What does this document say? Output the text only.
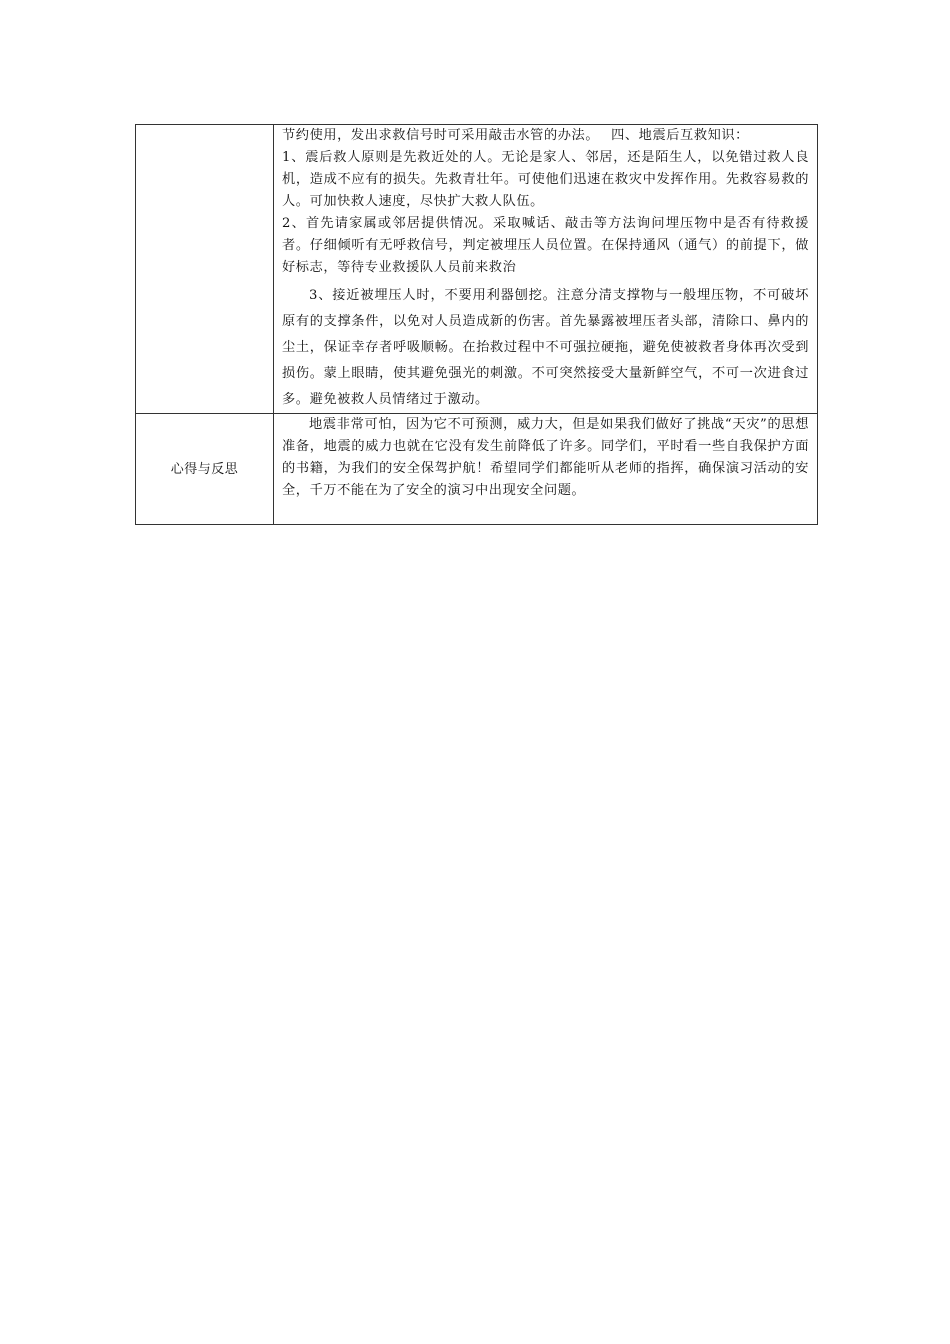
	节约使用，发出求救信号时可采用敲击水管的办法。　 四、地震后互救知识：

1、震后救人原则是先救近处的人。无论是家人、邻居，还是陌生人，以免错过救人良机，造成不应有的损失。先救青壮年。可使他们迅速在救灾中发挥作用。先救容易救的人。可加快救人速度，尽快扩大救人队伍。

2、首先请家属或邻居提供情况。采取喊话、敲击等方法询问埋压物中是否有待救援者。仔细倾听有无呼救信号，判定被埋压人员位置。在保持通风（通气）的前提下，做好标志，等待专业救援队人员前来救治

3、接近被埋压人时，不要用利器刨挖。注意分清支撑物与一般埋压物，不可破坏原有的支撑条件，以免对人员造成新的伤害。首先暴露被埋压者头部，清除口、鼻内的尘土，保证幸存者呼吸顺畅。在抬救过程中不可强拉硬拖，避免使被救者身体再次受到损伤。蒙上眼睛，使其避免强光的刺激。不可突然接受大量新鲜空气，不可一次进食过多。避免被救人员情绪过于激动。

心得与反思	地震非常可怕，因为它不可预测，威力大，但是如果我们做好了挑战“天灾”的思想准备，地震的威力也就在它没有发生前降低了许多。同学们，平时看一些自我保护方面的书籍，为我们的安全保驾护航！希望同学们都能听从老师的指挥，确保演习活动的安全，千万不能在为了安全的演习中出现安全问题。
